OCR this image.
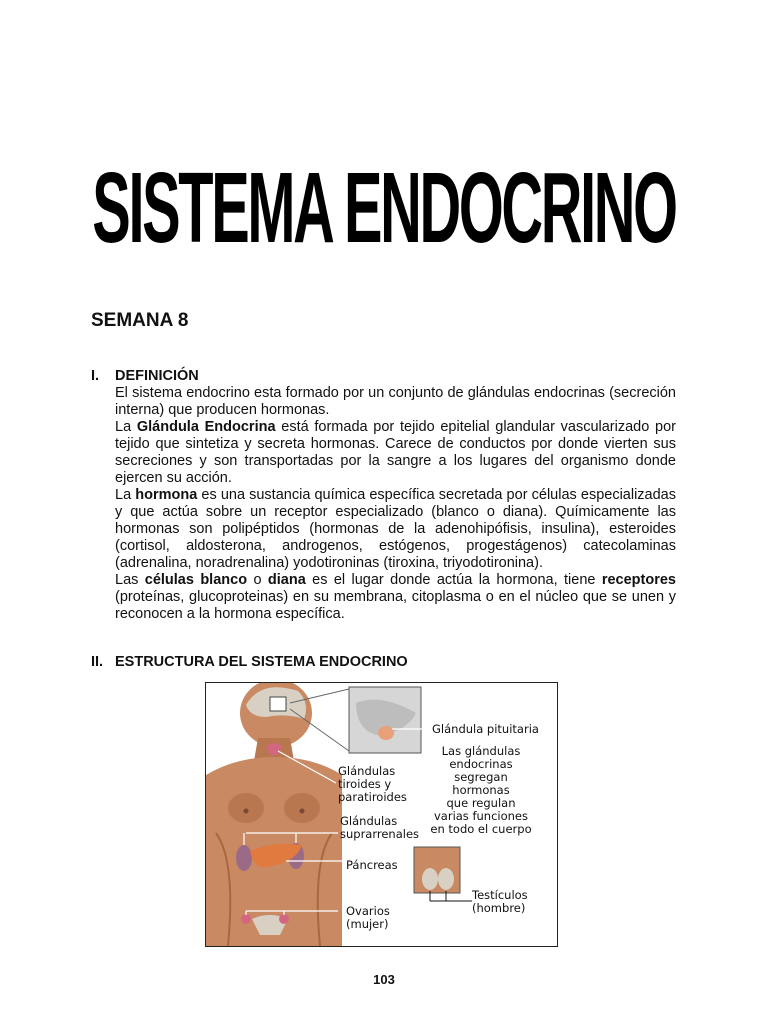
SISTEMA ENDOCRINO
SEMANA 8
I. DEFINICIÓN

El sistema endocrino esta formado por un conjunto de glándulas endocrinas (secreción interna) que producen hormonas.

La Glándula Endocrina está formada por tejido epitelial glandular vascularizado por tejido que sintetiza y secreta hormonas. Carece de conductos por donde vierten sus secreciones y son transportadas por la sangre a los lugares del organismo donde ejercen su acción.

La hormona es una sustancia química específica secretada por células especializadas y que actúa sobre un receptor especializado (blanco o diana). Químicamente las hormonas son polipéptidos (hormonas de la adenohipófisis, insulina), esteroides (cortisol, aldosterona, androgenos, estógenos, progestágenos) catecolaminas (adrenalina, noradrenalina) yodotironinas (tiroxina, triyodotironina).

Las células blanco o diana es el lugar donde actúa la hormona, tiene receptores (proteínas, glucoproteinas) en su membrana, citoplasma o en el núcleo que se unen y reconocen a la hormona específica.

II. ESTRUCTURA DEL SISTEMA ENDOCRINO
Glándula pituitaria
Las glándulas
endocrinas
segregan
hormonas
que regulan
varias funciones
en todo el cuerpo
Glándulas
tiroides y
paratiroides
Glándulas
suprarrenales
Páncreas
Testículos
(hombre)
Ovarios
(mujer)
103
